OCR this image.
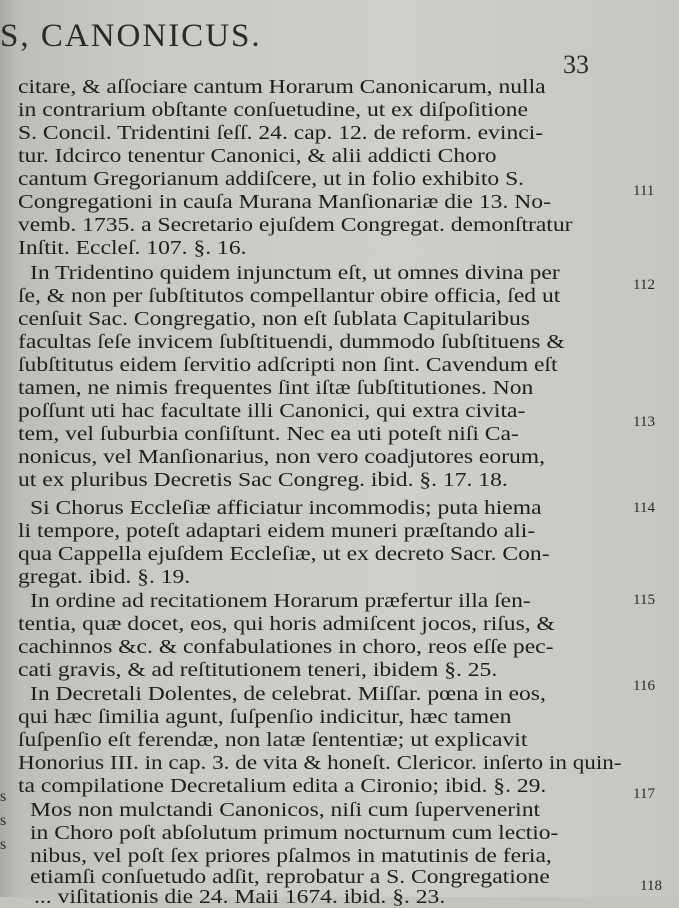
S, CANONICUS.
33
citare, & aſſociare cantum Horarum Canonicarum, nulla
in contrarium obſtante conſuetudine, ut ex diſpoſitione
S. Concil. Tridentini ſeſſ. 24. cap. 12. de reform. evinci-
tur. Idcirco tenentur Canonici, & alii addicti Choro
cantum Gregorianum addiſcere, ut in folio exhibito S.
Congregationi in cauſa Murana Manſionariæ die 13. No-
vemb. 1735. a Secretario ejuſdem Congregat. demonſtratur
Inſtit. Eccleſ. 107. §. 16.
In Tridentino quidem injunctum eſt, ut omnes divina per
ſe, & non per ſubſtitutos compellantur obire officia, ſed ut
cenſuit Sac. Congregatio, non eſt ſublata Capitularibus
facultas ſeſe invicem ſubſtituendi, dummodo ſubſtituens &
ſubſtitutus eidem ſervitio adſcripti non ſint. Cavendum eſt
tamen, ne nimis frequentes ſint iſtæ ſubſtitutiones. Non
poſſunt uti hac facultate illi Canonici, qui extra civita-
tem, vel ſuburbia conſiſtunt. Nec ea uti poteſt niſi Ca-
nonicus, vel Manſionarius, non vero coadjutores eorum,
ut ex pluribus Decretis Sac Congreg. ibid. §. 17. 18.
Si Chorus Eccleſiæ afficiatur incommodis; puta hiema
li tempore, poteſt adaptari eidem muneri præſtando ali-
qua Cappella ejuſdem Eccleſiæ, ut ex decreto Sacr. Con-
gregat. ibid. §. 19.
In ordine ad recitationem Horarum præfertur illa ſen-
tentia, quæ docet, eos, qui horis admiſcent jocos, riſus, &
cachinnos &c. & confabulationes in choro, reos eſſe pec-
cati gravis, & ad reſtitutionem teneri, ibidem §. 25.
In Decretali Dolentes, de celebrat. Miſſar. pœna in eos,
qui hæc ſimilia agunt, ſuſpenſio indicitur, hæc tamen
ſuſpenſio eſt ferendæ, non latæ ſententiæ; ut explicavit
Honorius III. in cap. 3. de vita & honeſt. Clericor. inſerto in quin-
ta compilatione Decretalium edita a Cironio; ibid. §. 29.
Mos non mulctandi Canonicos, niſi cum ſupervenerint
in Choro poſt abſolutum primum nocturnum cum lectio-
nibus, vel poſt ſex priores pſalmos in matutinis de feria,
etiamſi conſuetudo adſit, reprobatur a S. Congregatione
... viſitationis die 24. Maii 1674. ibid. §. 23.
111
112
113
114
115
116
117
118
s
s
s
